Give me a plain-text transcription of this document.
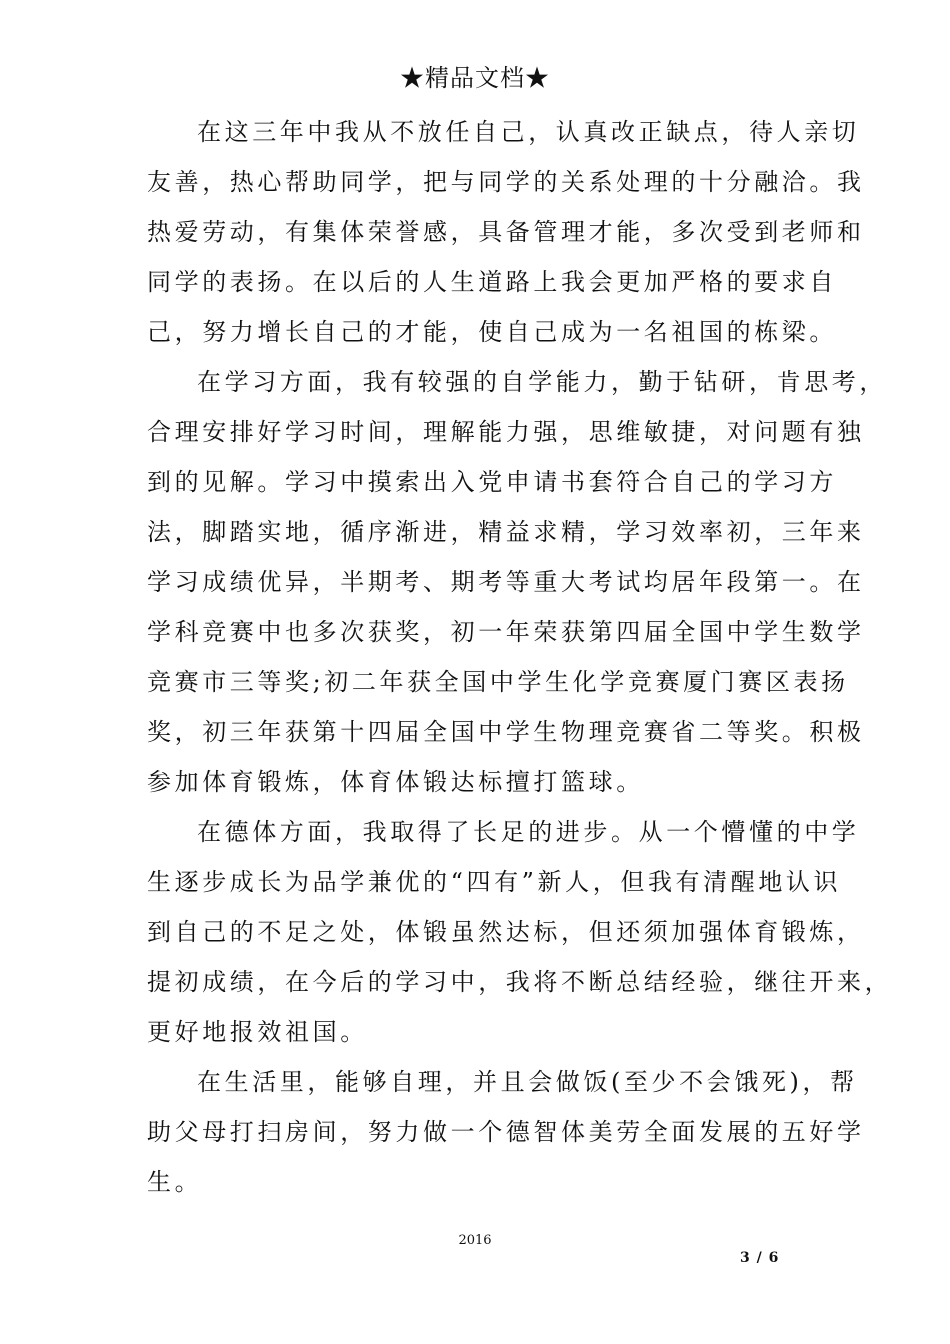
★精品文档★

在这三年中我从不放任自己，认真改正缺点，待人亲切
友善，热心帮助同学，把与同学的关系处理的十分融洽。我
热爱劳动，有集体荣誉感，具备管理才能，多次受到老师和
同学的表扬。在以后的人生道路上我会更加严格的要求自
己，努力增长自己的才能，使自己成为一名祖国的栋梁。

在学习方面，我有较强的自学能力，勤于钻研，肯思考，
合理安排好学习时间，理解能力强，思维敏捷，对问题有独
到的见解。学习中摸索出入党申请书套符合自己的学习方
法，脚踏实地，循序渐进，精益求精，学习效率初，三年来
学习成绩优异，半期考、期考等重大考试均居年段第一。在
学科竞赛中也多次获奖，初一年荣获第四届全国中学生数学
竞赛市三等奖;初二年获全国中学生化学竞赛厦门赛区表扬
奖，初三年获第十四届全国中学生物理竞赛省二等奖。积极
参加体育锻炼，体育体锻达标擅打篮球。

在德体方面，我取得了长足的进步。从一个懵懂的中学
生逐步成长为品学兼优的“四有”新人，但我有清醒地认识
到自己的不足之处，体锻虽然达标，但还须加强体育锻炼，
提初成绩，在今后的学习中，我将不断总结经验，继往开来，
更好地报效祖国。

在生活里，能够自理，并且会做饭(至少不会饿死)，帮
助父母打扫房间，努力做一个德智体美劳全面发展的五好学
生。

2016
3 / 6
